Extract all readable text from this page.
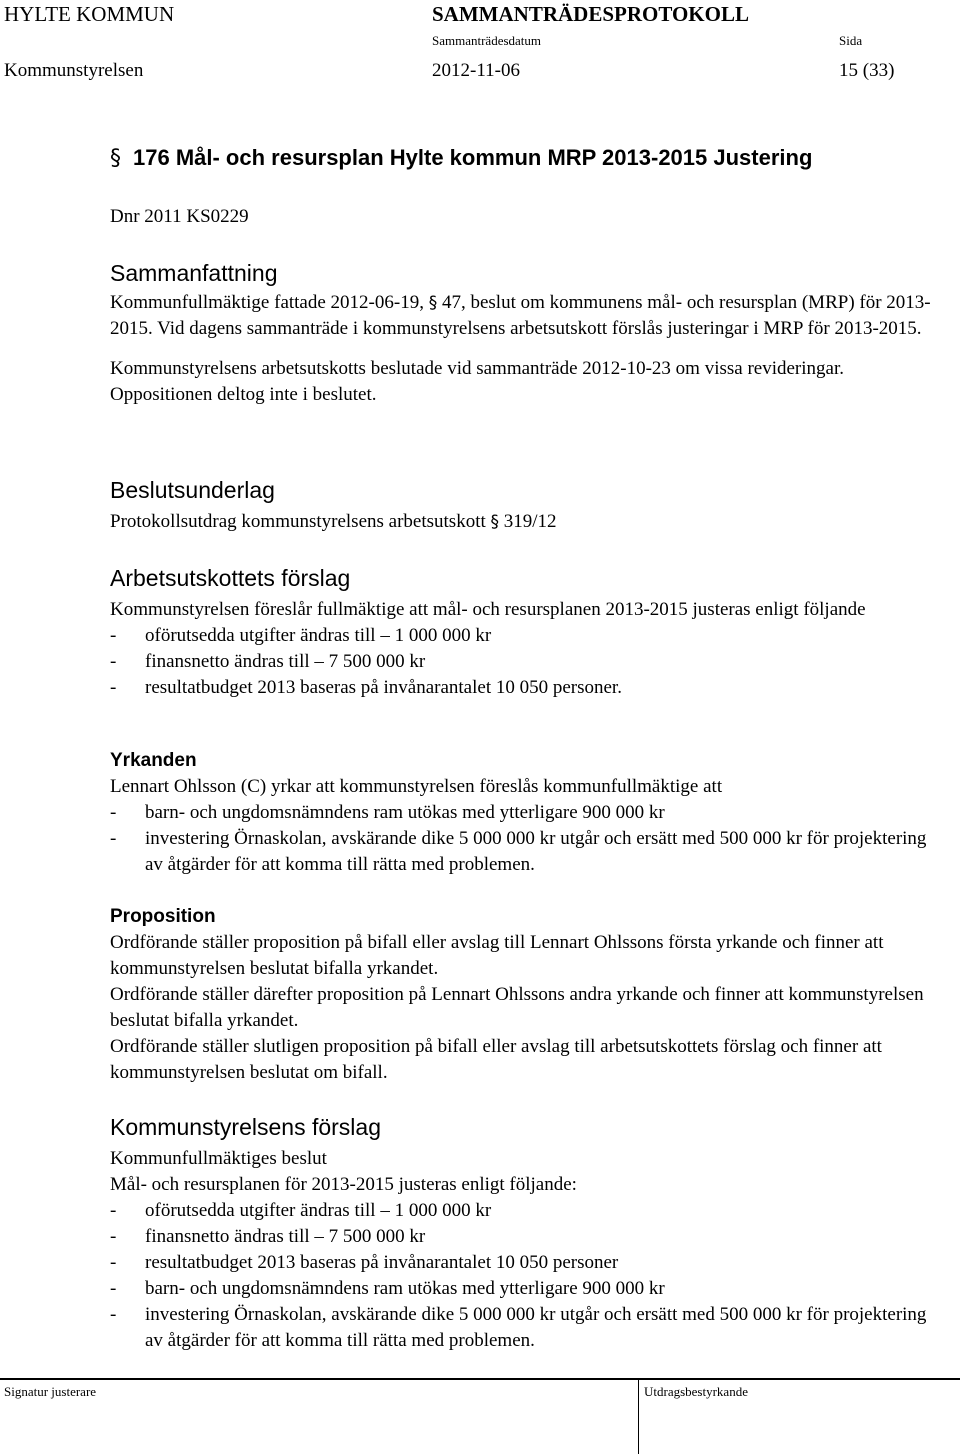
HYLTE KOMMUN	SAMMANTRÄDESPROTOKOLL
Sammanträdesdatum	Sida
Kommunstyrelsen	2012-11-06	15 (33)
§ 176 Mål- och resursplan Hylte kommun MRP 2013-2015 Justering
Dnr 2011 KS0229

Sammanfattning

Kommunfullmäktige fattade 2012-06-19, § 47, beslut om kommunens mål- och resursplan (MRP) för 2013-2015. Vid dagens sammanträde i kommunstyrelsens arbetsutskott förslås justeringar i MRP för 2013-2015.

Kommunstyrelsens arbetsutskotts beslutade vid sammanträde 2012-10-23 om vissa revideringar. Oppositionen deltog inte i beslutet.

Beslutsunderlag

Protokollsutdrag kommunstyrelsens arbetsutskott § 319/12

Arbetsutskottets förslag

Kommunstyrelsen föreslår fullmäktige att mål- och resursplanen 2013-2015 justeras enligt följande

-	oförutsedda utgifter ändras till – 1 000 000 kr
-	finansnetto ändras till – 7 500 000 kr
-	resultatbudget 2013 baseras på invånarantalet 10 050 personer.

Yrkanden

Lennart Ohlsson (C) yrkar att kommunstyrelsen föreslås kommunfullmäktige att

-	barn- och ungdomsnämndens ram utökas med ytterligare 900 000 kr
-	investering Örnaskolan, avskärande dike 5 000 000 kr utgår och ersätt med 500 000 kr för projektering av åtgärder för att komma till rätta med problemen.

Proposition

Ordförande ställer proposition på bifall eller avslag till Lennart Ohlssons första yrkande och finner att kommunstyrelsen beslutat bifalla yrkandet.

Ordförande ställer därefter proposition på Lennart Ohlssons andra yrkande och finner att kommunstyrelsen beslutat bifalla yrkandet.

Ordförande ställer slutligen proposition på bifall eller avslag till arbetsutskottets förslag och finner att kommunstyrelsen beslutat om bifall.

Kommunstyrelsens förslag

Kommunfullmäktiges beslut

Mål- och resursplanen för 2013-2015 justeras enligt följande:

-	oförutsedda utgifter ändras till – 1 000 000 kr
-	finansnetto ändras till – 7 500 000 kr
-	resultatbudget 2013 baseras på invånarantalet 10 050 personer
-	barn- och ungdomsnämndens ram utökas med ytterligare 900 000 kr
-	investering Örnaskolan, avskärande dike 5 000 000 kr utgår och ersätt med 500 000 kr för projektering av åtgärder för att komma till rätta med problemen.
Signatur justerare	Utdragsbestyrkande
